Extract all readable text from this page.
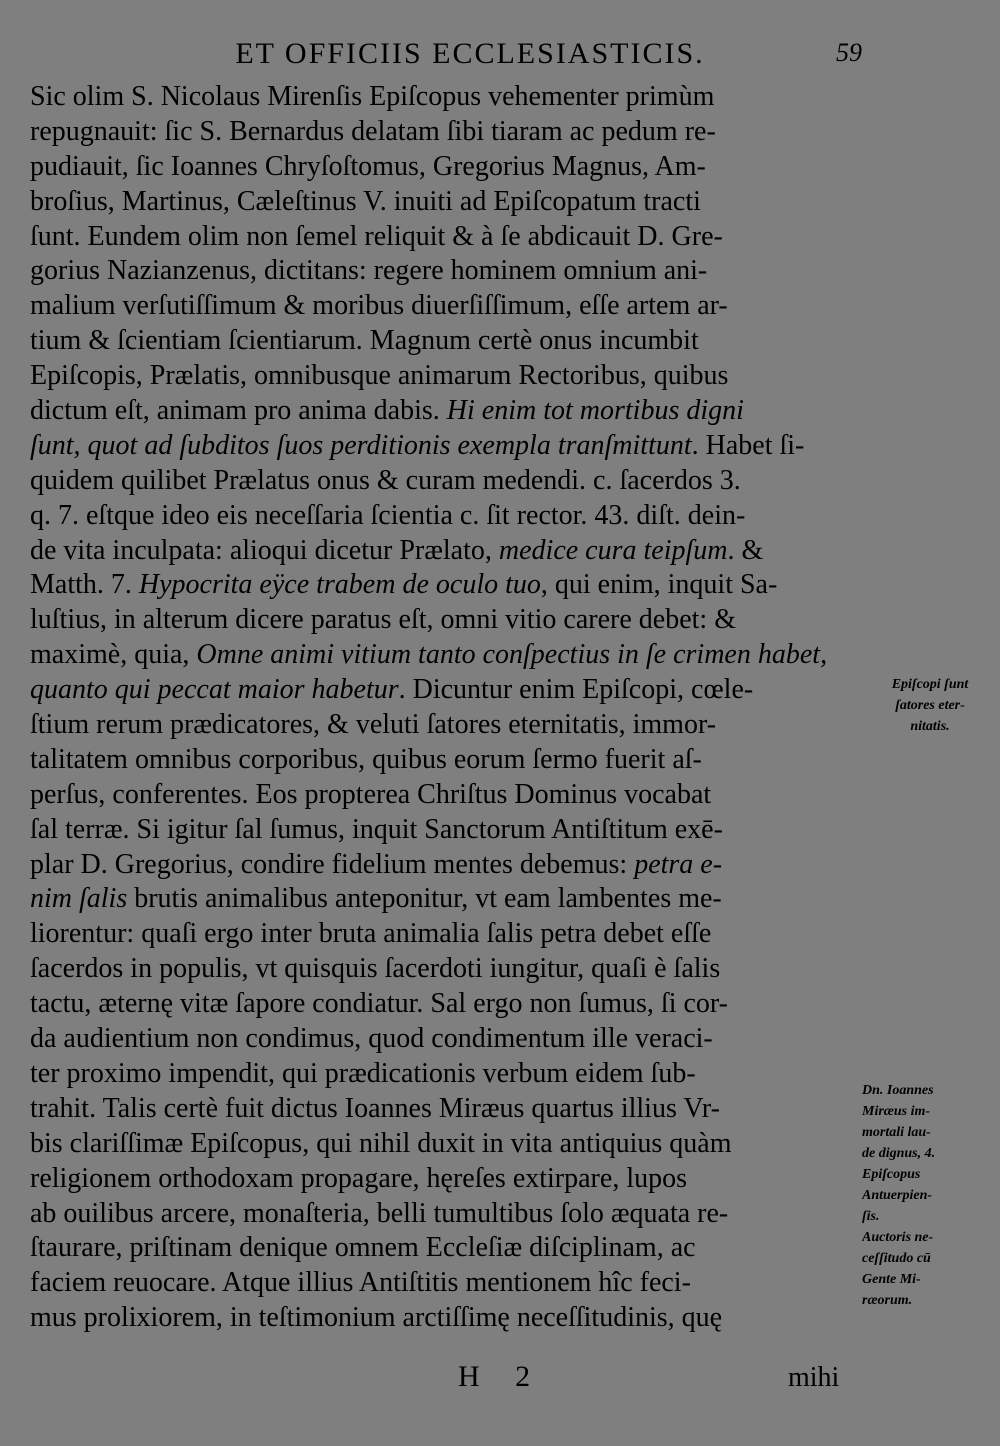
ET OFFICIIS ECCLESIASTICIS.	59
Sic olim S. Nicolaus Mirenſis Epiſcopus vehementer primùm
repugnauit: ſic S. Bernardus delatam ſibi tiaram ac pedum re-
pudiauit, ſic Ioannes Chryſoſtomus, Gregorius Magnus, Am-
broſius, Martinus, Cæleſtinus V. inuiti ad Epiſcopatum tracti
ſunt. Eundem olim non ſemel reliquit & à ſe abdicauit D. Gre-
gorius Nazianzenus, dictitans: regere hominem omnium ani-
malium verſutiſſimum & moribus diuerſiſſimum, eſſe artem ar-
tium & ſcientiam ſcientiarum. Magnum certè onus incumbit
Epiſcopis, Prælatis, omnibusque animarum Rectoribus, quibus
dictum eſt, animam pro anima dabis. Hi enim tot mortibus digni
ſunt, quot ad ſubditos ſuos perditionis exempla tranſmittunt. Habet ſi-
quidem quilibet Prælatus onus & curam medendi. c. ſacerdos 3.
q. 7. eſtque ideo eis neceſſaria ſcientia c. ſit rector. 43. diſt. dein-
de vita inculpata: alioqui dicetur Prælato, medice cura teipſum. &
Matth. 7. Hypocrita eÿce trabem de oculo tuo, qui enim, inquit Sa-
luſtius, in alterum dicere paratus eſt, omni vitio carere debet: &
maximè, quia, Omne animi vitium tanto conſpectius in ſe crimen habet,
quanto qui peccat maior habetur. Dicuntur enim Epiſcopi, cœle-
ſtium rerum prædicatores, & veluti ſatores eternitatis, immor-
talitatem omnibus corporibus, quibus eorum ſermo fuerit aſ-
perſus, conferentes. Eos propterea Chriſtus Dominus vocabat
ſal terræ. Si igitur ſal ſumus, inquit Sanctorum Antiſtitum exē-
plar D. Gregorius, condire fidelium mentes debemus: petra e-
nim ſalis brutis animalibus anteponitur, vt eam lambentes me-
liorentur: quaſi ergo inter bruta animalia ſalis petra debet eſſe
ſacerdos in populis, vt quisquis ſacerdoti iungitur, quaſi è ſalis
tactu, æternę vitæ ſapore condiatur. Sal ergo non ſumus, ſi cor-
da audientium non condimus, quod condimentum ille veraci-
ter proximo impendit, qui prædicationis verbum eidem ſub-
trahit. Talis certè fuit dictus Ioannes Miræus quartus illius Vr-
bis clariſſimæ Epiſcopus, qui nihil duxit in vita antiquius quàm
religionem orthodoxam propagare, hęreſes extirpare, lupos
ab ouilibus arcere, monaſteria, belli tumultibus ſolo æquata re-
ſtaurare, priſtinam denique omnem Eccleſiæ diſciplinam, ac
faciem reuocare. Atque illius Antiſtitis mentionem hîc feci-
mus prolixiorem, in teſtimonium arctiſſimę neceſſitudinis, quę
Epiſcopi ſunt
ſatores eter-
nitatis.
Dn. Ioannes
Miræus im-
mortali lau-
de dignus, 4.
Epiſcopus
Antuerpien-
ſis.
Auctoris ne-
ceſſitudo cū
Gente Mi-
ræorum.
H 2	mihi
